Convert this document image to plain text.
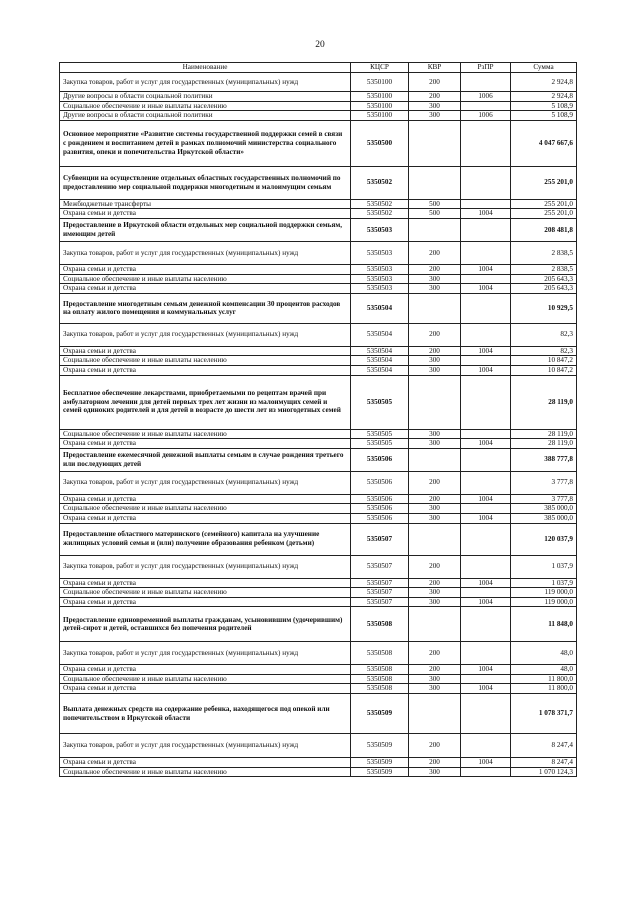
20
Наименование	КЦСР	КВР	РзПР	Сумма
Закупка товаров, работ и услуг для государственных (муниципальных) нужд	5350100	200		2 924,8
Другие вопросы в области социальной политики	5350100	200	1006	2 924,8
Социальное обеспечение и иные выплаты населению	5350100	300		5 108,9
Другие вопросы в области социальной политики	5350100	300	1006	5 108,9
Основное мероприятие «Развитие системы государственной поддержки семей в связи с рождением и воспитанием детей в рамках полномочий министерства социального развития, опеки и попечительства Иркутской области»	5350500			4 047 667,6
Субвенции на осуществление отдельных областных государственных полномочий по предоставлению мер социальной поддержки многодетным и малоимущим семьям	5350502			255 201,0
Межбюджетные трансферты	5350502	500		255 201,0
Охрана семьи и детства	5350502	500	1004	255 201,0
Предоставление в Иркутской области отдельных мер социальной поддержки семьям, имеющим детей	5350503			208 481,8
Закупка товаров, работ и услуг для государственных (муниципальных) нужд	5350503	200		2 838,5
Охрана семьи и детства	5350503	200	1004	2 838,5
Социальное обеспечение и иные выплаты населению	5350503	300		205 643,3
Охрана семьи и детства	5350503	300	1004	205 643,3
Предоставление многодетным семьям денежной компенсации 30 процентов расходов на оплату жилого помещения и коммунальных услуг	5350504			10 929,5
Закупка товаров, работ и услуг для государственных (муниципальных) нужд	5350504	200		82,3
Охрана семьи и детства	5350504	200	1004	82,3
Социальное обеспечение и иные выплаты населению	5350504	300		10 847,2
Охрана семьи и детства	5350504	300	1004	10 847,2
Бесплатное обеспечение лекарствами, приобретаемыми по рецептам врачей при амбулаторном лечении для детей первых трех лет жизни из малоимущих семей и семей одиноких родителей и для детей в возрасте до шести лет из многодетных семей	5350505			28 119,0
Социальное обеспечение и иные выплаты населению	5350505	300		28 119,0
Охрана семьи и детства	5350505	300	1004	28 119,0
Предоставление ежемесячной денежной выплаты семьям в случае рождения третьего или последующих детей	5350506			388 777,8
Закупка товаров, работ и услуг для государственных (муниципальных) нужд	5350506	200		3 777,8
Охрана семьи и детства	5350506	200	1004	3 777,8
Социальное обеспечение и иные выплаты населению	5350506	300		385 000,0
Охрана семьи и детства	5350506	300	1004	385 000,0
Предоставление областного материнского (семейного) капитала на улучшение жилищных условий семьи и (или) получение образования ребенком (детьми)	5350507			120 037,9
Закупка товаров, работ и услуг для государственных (муниципальных) нужд	5350507	200		1 037,9
Охрана семьи и детства	5350507	200	1004	1 037,9
Социальное обеспечение и иные выплаты населению	5350507	300		119 000,0
Охрана семьи и детства	5350507	300	1004	119 000,0
Предоставление единовременной выплаты гражданам, усыновившим (удочерившим) детей-сирот и детей, оставшихся без попечения родителей	5350508			11 848,0
Закупка товаров, работ и услуг для государственных (муниципальных) нужд	5350508	200		48,0
Охрана семьи и детства	5350508	200	1004	48,0
Социальное обеспечение и иные выплаты населению	5350508	300		11 800,0
Охрана семьи и детства	5350508	300	1004	11 800,0
Выплата денежных средств на содержание ребенка, находящегося под опекой или попечительством в Иркутской области	5350509			1 078 371,7
Закупка товаров, работ и услуг для государственных (муниципальных) нужд	5350509	200		8 247,4
Охрана семьи и детства	5350509	200	1004	8 247,4
Социальное обеспечение и иные выплаты населению	5350509	300		1 070 124,3
